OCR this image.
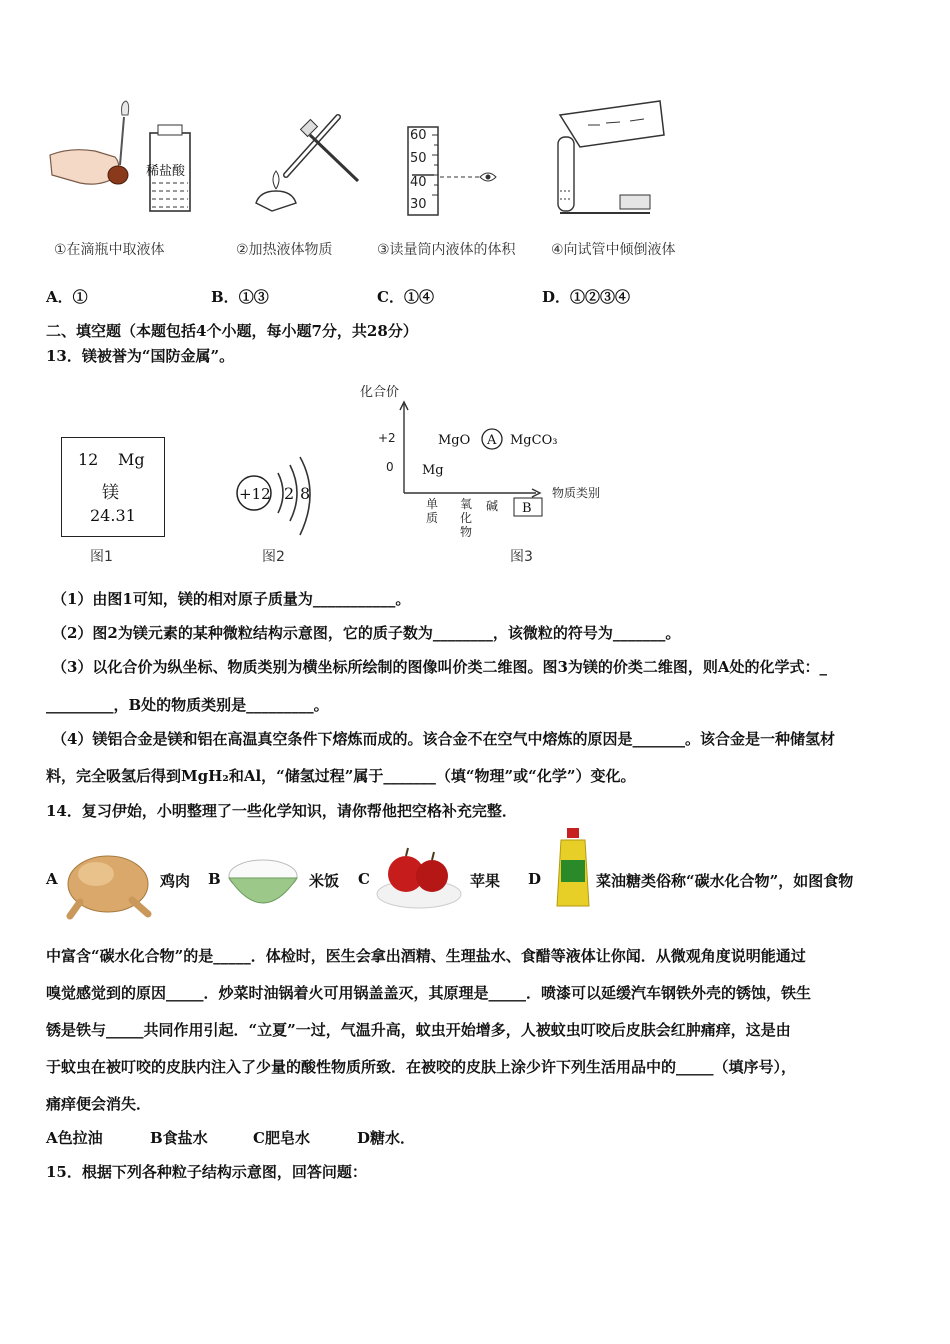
稀盐酸
60
50
40
30
①在滴瓶中取液体	②加热液体物质	③读量筒内液体的体积	④向试管中倾倒液体
A．①	B．①③	C．①④	D．①②③④
二、填空题（本题包括4个小题，每小题7分，共28分）
13．镁被誉为“国防金属”。
12 Mg
镁
24.31
+12 2 8
化合价
物质类别
+2
0
MgO A MgCO₃
Mg
单质
氧化物
碱 B
图1	图2	图3
（1）由图1可知，镁的相对原子质量为___________。
（2）图2为镁元素的某种微粒结构示意图，它的质子数为________，该微粒的符号为_______。
（3）以化合价为纵坐标、物质类别为横坐标所绘制的图像叫价类二维图。图3为镁的价类二维图，则A处的化学式：_
_________，B处的物质类别是_________。
（4）镁铝合金是镁和铝在高温真空条件下熔炼而成的。该合金不在空气中熔炼的原因是_______。该合金是一种储氢材
料，完全吸氢后得到MgH₂和Al，“储氢过程”属于_______（填“物理”或“化学”）变化。
14．复习伊始，小明整理了一些化学知识，请你帮他把空格补充完整．
A	鸡肉 B	米饭 C	苹果 D	菜油糖类俗称“碳水化合物”，如图食物
中富含“碳水化合物”的是_____．体检时，医生会拿出酒精、生理盐水、食醋等液体让你闻．从微观角度说明能通过
嗅觉感觉到的原因_____．炒菜时油锅着火可用锅盖盖灭，其原理是_____．喷漆可以延缓汽车钢铁外壳的锈蚀，铁生
锈是铁与_____共同作用引起．“立夏”一过，气温升高，蚊虫开始增多，人被蚊虫叮咬后皮肤会红肿痛痒，这是由
于蚊虫在被叮咬的皮肤内注入了少量的酸性物质所致．在被咬的皮肤上涂少许下列生活用品中的_____（填序号），
痛痒便会消失．
A色拉油	B食盐水	C肥皂水	D糖水．
15．根据下列各种粒子结构示意图，回答问题：
